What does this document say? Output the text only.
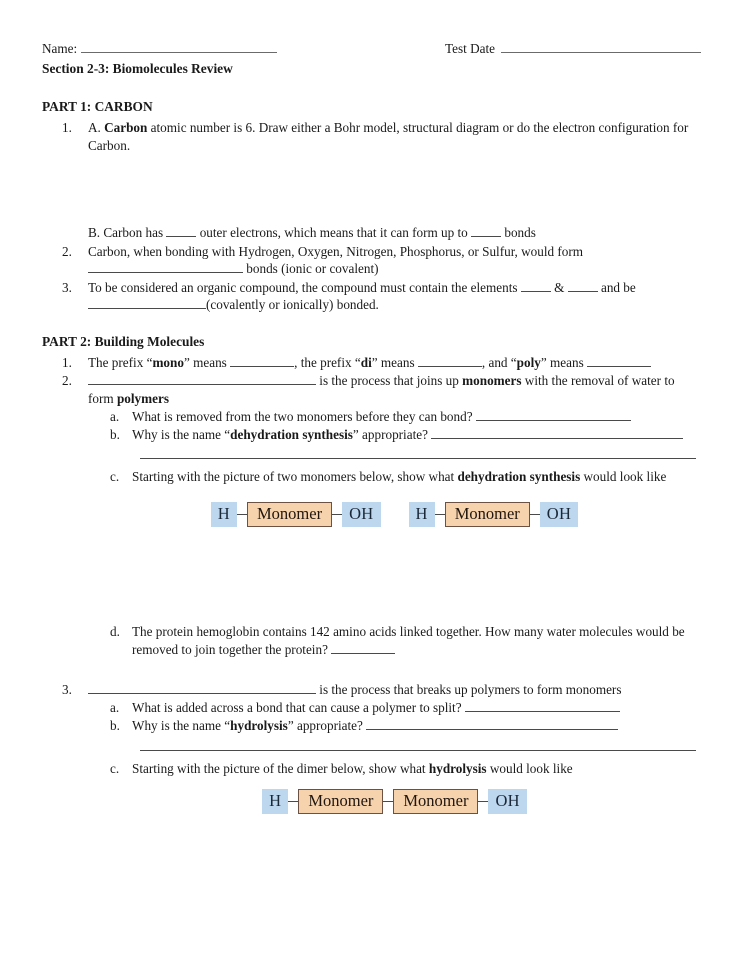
Name:	Test Date
Section 2-3: Biomolecules Review
PART 1: CARBON
1.	A. Carbon atomic number is 6. Draw either a Bohr model, structural diagram or do the electron configuration for Carbon.
B. Carbon has  outer electrons, which means that it can form up to  bonds
2.	Carbon, when bonding with Hydrogen, Oxygen, Nitrogen, Phosphorus, or Sulfur, would form
bonds (ionic or covalent)
3.	To be considered an organic compound, the compound must contain the elements  &  and be
(covalently or ionically) bonded.
PART 2: Building Molecules
1.	The prefix “mono” means	, the prefix “di” means	, and “poly” means
2.	is the process that joins up monomers with the removal of water to form polymers
a. What is removed from the two monomers before they can bond?
b. Why is the name “dehydration synthesis” appropriate?
c. Starting with the picture of two monomers below, show what dehydration synthesis would look like
H	Monomer	OH	H	Monomer	OH
d. The protein hemoglobin contains 142 amino acids linked together. How many water molecules would be removed to join together the protein?
3.	is the process that breaks up polymers to form monomers
a. What is added across a bond that can cause a polymer to split?
b. Why is the name “hydrolysis” appropriate?
c. Starting with the picture of the dimer below, show what hydrolysis would look like
H	Monomer	Monomer	OH
